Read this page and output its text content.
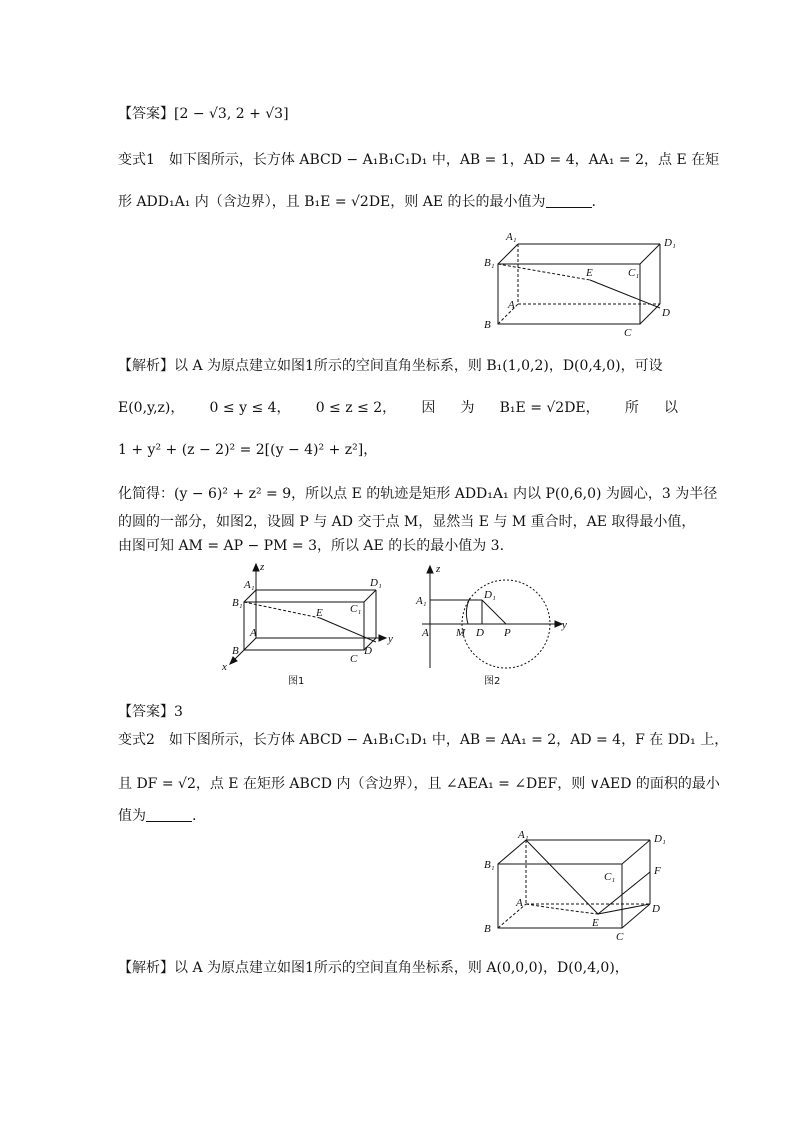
【答案】[2 − √3, 2 + √3]
变式1　如下图所示，长方体 ABCD − A₁B₁C₁D₁ 中，AB = 1，AD = 4，AA₁ = 2，点 E 在矩
形 ADD₁A₁ 内（含边界），且 B₁E = √2DE，则 AE 的长的最小值为	.
A₁
B₁
D₁
C₁
E
A
B
C
D
【解析】以 A 为原点建立如图1所示的空间直角坐标系，则 B₁(1,0,2)，D(0,4,0)，可设
E(0,y,z)， 0 ≤ y ≤ 4， 0 ≤ z ≤ 2， 因 为 B₁E = √2DE， 所 以
1 + y² + (z − 2)² = 2[(y − 4)² + z²]，
化简得：(y − 6)² + z² = 9，所以点 E 的轨迹是矩形 ADD₁A₁ 内以 P(0,6,0) 为圆心，3 为半径
的圆的一部分，如图2，设圆 P 与 AD 交于点 M，显然当 E 与 M 重合时，AE 取得最小值，
由图可知 AM = AP − PM = 3，所以 AE 的长的最小值为 3.
z
A₁
B₁
D₁
C₁
E
A
B
C
D
y
x
图1
z
A₁	D₁
A M D P
y
图2
【答案】3
变式2　如下图所示，长方体 ABCD − A₁B₁C₁D₁ 中，AB = AA₁ = 2，AD = 4，F 在 DD₁ 上，
且 DF = √2，点 E 在矩形 ABCD 内（含边界），且 ∠AEA₁ = ∠DEF，则 ∨AED 的面积的最小
值为	.
A₁
B₁
D₁
C₁	F
A
E
B
C
D
【解析】以 A 为原点建立如图1所示的空间直角坐标系，则 A(0,0,0)，D(0,4,0)，
